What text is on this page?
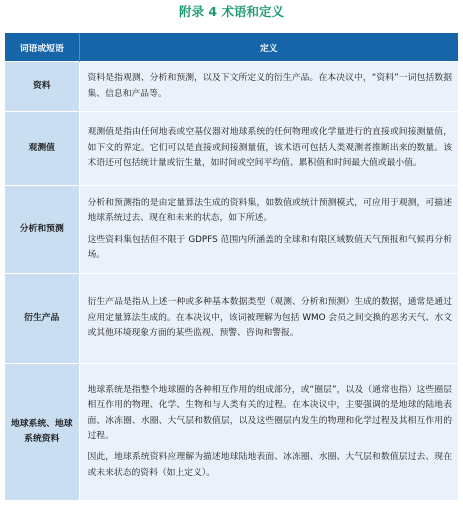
附录 4 术语和定义
词语或短语	定义
资料	资料是指观测、分析和预测，以及下文所定义的衍生产品。在本决议中，“资料”一词包括数据集、信息和产品等。

观测值	观测值是指由任何地表或空基仪器对地球系统的任何物理或化学量进行的直接或间接测量值，如下文的界定。它们可以是直接或间接测量值，该术语可包括人类观测者推断出来的数量。该术语还可包括统计量或衍生量，如时间或空间平均值、累积值和时间最大值或最小值。

分析和预测	分析和预测指的是由定量算法生成的资料集，如数值或统计预测模式，可应用于观测，可描述地球系统过去、现在和未来的状态，如下所述。

这些资料集包括但不限于 GDPFS 范围内所涵盖的全球和有限区域数值天气预报和气候再分析场。

衍生产品	衍生产品是指从上述一种或多种基本数据类型（观测、分析和预测）生成的数据，通常是通过应用定量算法生成的。在本决议中，该词被理解为包括 WMO 会员之间交换的恶劣天气、水文或其他环境现象方面的某些监视、预警、咨询和警报。

地球系统、地球系统资料	地球系统是指整个地球圈的各种相互作用的组成部分，或“圈层”，以及（通常也指）这些圈层相互作用的物理、化学、生物和与人类有关的过程。在本决议中，主要强调的是地球的陆地表面、冰冻圈、水圈、大气层和数值层，以及这些圈层内发生的物理和化学过程及其相互作用的过程。

因此，地球系统资料应理解为描述地球陆地表面、冰冻圈、水圈、大气层和数值层过去、现在或未来状态的资料（如上定义）。
